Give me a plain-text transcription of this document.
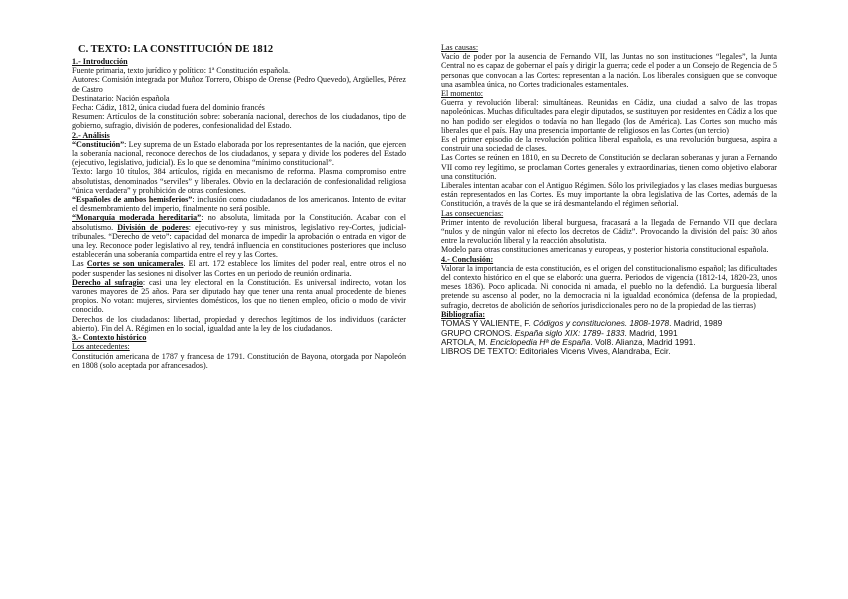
C. TEXTO: LA CONSTITUCIÓN DE 1812

1.- Introducción

Fuente primaria, texto jurídico y político: 1ª Constitución española.

Autores: Comisión integrada por Muñoz Torrero, Obispo de Orense (Pedro Quevedo), Argüelles, Pérez de Castro

Destinatario: Nación española

Fecha: Cádiz, 1812, única ciudad fuera del dominio francés

Resumen: Artículos de la constitución sobre: soberanía nacional, derechos de los ciudadanos, tipo de gobierno, sufragio, división de poderes, confesionalidad del Estado.

2.- Análisis

“Constitución”: Ley suprema de un Estado elaborada por los representantes de la nación, que ejercen la soberanía nacional, reconoce derechos de los ciudadanos, y separa y divide los poderes del Estado (ejecutivo, legislativo, judicial). Es lo que se denomina “mínimo constitucional”.

Texto: largo 10 títulos, 384 artículos, rígida en mecanismo de reforma. Plasma compromiso entre absolutistas, denominados “serviles” y liberales. Obvio en la declaración de confesionalidad religiosa “única verdadera” y prohibición de otras confesiones.

“Españoles de ambos hemisferios”: inclusión como ciudadanos de los americanos. Intento de evitar el desmembramiento del imperio, finalmente no será posible.

“Monarquía moderada hereditaria”: no absoluta, limitada por la Constitución. Acabar con el absolutismo. División de poderes: ejecutivo-rey y sus ministros, legislativo rey-Cortes, judicial-tribunales. “Derecho de veto”: capacidad del monarca de impedir la aprobación o entrada en vigor de una ley. Reconoce poder legislativo al rey, tendrá influencia en constituciones posteriores que incluso establecerán una soberanía compartida entre el rey y las Cortes.

Las Cortes se son unicamerales. El art. 172 establece los límites del poder real, entre otros el no poder suspender las sesiones ni disolver las Cortes en un periodo de reunión ordinaria.

Derecho al sufragio: casi una ley electoral en la Constitución. Es universal indirecto, votan los varones mayores de 25 años. Para ser diputado hay que tener una renta anual procedente de bienes propios. No votan: mujeres, sirvientes domésticos, los que no tienen empleo, oficio o modo de vivir conocido.

Derechos de los ciudadanos: libertad, propiedad y derechos legítimos de los individuos (carácter abierto). Fin del A. Régimen en lo social, igualdad ante la ley de los ciudadanos.

3.- Contexto histórico

Los antecedentes:

Constitución americana de 1787 y francesa de 1791. Constitución de Bayona, otorgada por Napoleón en 1808 (solo aceptada por afrancesados).

Las causas:

Vacío de poder por la ausencia de Fernando VII, las Juntas no son instituciones “legales”, la Junta Central no es capaz de gobernar el país y dirigir la guerra; cede el poder a un Consejo de Regencia de 5 personas que convocan a las Cortes: representan a la nación. Los liberales consiguen que se convoque una asamblea única, no Cortes tradicionales estamentales.

El momento:

Guerra y revolución liberal: simultáneas. Reunidas en Cádiz, una ciudad a salvo de las tropas napoleónicas. Muchas dificultades para elegir diputados, se sustituyen por residentes en Cádiz a los que no han podido ser elegidos o todavía no han llegado (los de América). Las Cortes son mucho más liberales que el país. Hay una presencia importante de religiosos en las Cortes (un tercio)

Es el primer episodio de la revolución política liberal española, es una revolución burguesa, aspira a construir una sociedad de clases.

Las Cortes se reúnen en 1810, en su Decreto de Constitución se declaran soberanas y juran a Fernando VII como rey legítimo, se proclaman Cortes generales y extraordinarias, tienen como objetivo elaborar una constitución.

Liberales intentan acabar con el Antiguo Régimen. Sólo los privilegiados y las clases medias burguesas están representados en las Cortes. Es muy importante la obra legislativa de las Cortes, además de la Constitución, a través de la que se irá desmantelando el régimen señorial.

Las consecuencias:

Primer intento de revolución liberal burguesa, fracasará a la llegada de Fernando VII que declara “nulos y de ningún valor ni efecto los decretos de Cádiz”. Provocando la división del país: 30 años entre la revolución liberal y la reacción absolutista.

Modelo para otras constituciones americanas y europeas, y posterior historia constitucional española.

4.- Conclusión:

Valorar la importancia de esta constitución, es el origen del constitucionalismo español; las dificultades del contexto histórico en el que se elaboró: una guerra. Periodos de vigencia (1812-14, 1820-23, unos meses 1836). Poco aplicada. Ni conocida ni amada, el pueblo no la defendió. La burguesía liberal pretende su ascenso al poder, no la democracia ni la igualdad económica (defensa de la propiedad, sufragio, decretos de abolición de señoríos jurisdiccionales pero no de la propiedad de las tierras)

Bibliografía:

TOMAS Y VALIENTE, F. Códigos y constituciones. 1808-1978. Madrid, 1989

GRUPO CRONOS. España siglo XIX: 1789- 1833. Madrid, 1991

ARTOLA, M. Enciclopedia Hª de España. Vol8. Alianza, Madrid 1991.

LIBROS DE TEXTO: Editoriales Vicens Vives, Alandraba, Ecir.
